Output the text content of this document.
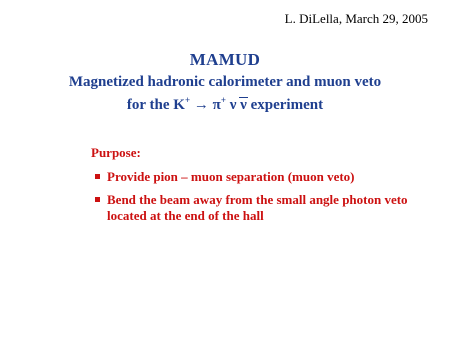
L. DiLella, March 29, 2005
MAMUD
Magnetized hadronic calorimeter and muon veto
for the K+ → π+ ν ν experiment
Purpose:
Provide pion – muon separation (muon veto)
Bend the beam away from the small angle photon veto located at the end of the hall
